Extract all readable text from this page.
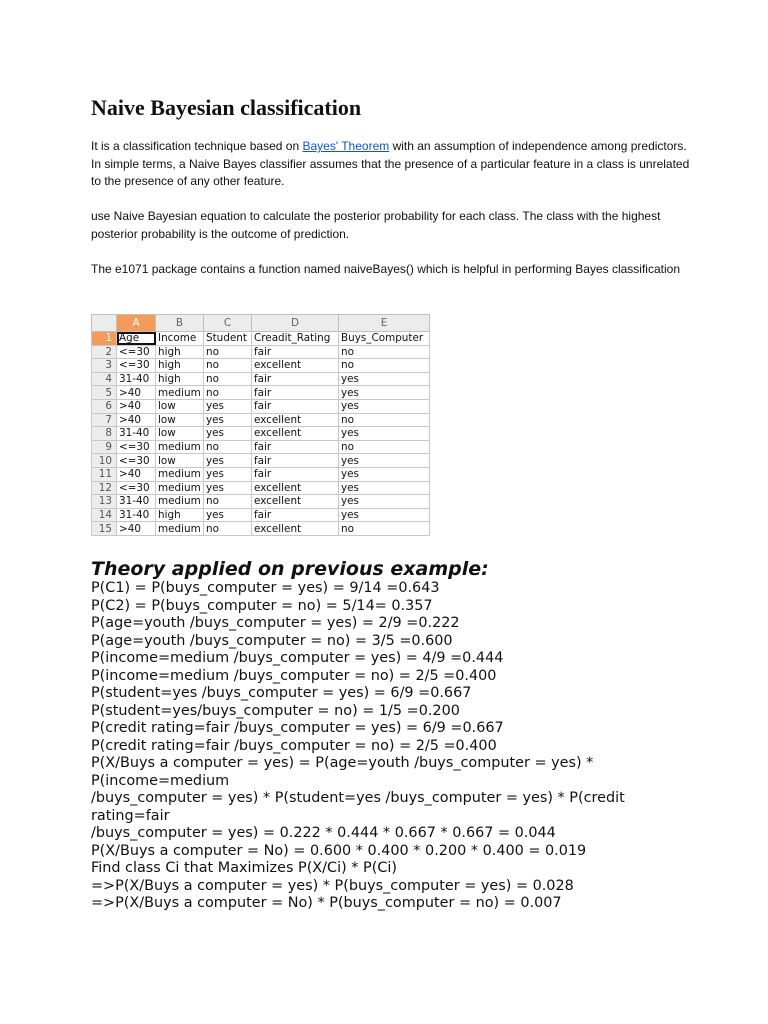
Naive Bayesian classification

It is a classification technique based on Bayes' Theorem with an assumption of independence among predictors. In simple terms, a Naive Bayes classifier assumes that the presence of a particular feature in a class is unrelated to the presence of any other feature.

use Naive Bayesian equation to calculate the posterior probability for each class. The class with the highest posterior probability is the outcome of prediction.

The e1071 package contains a function named naiveBayes() which is helpful in performing Bayes classification

	A	B	C	D	E
1	Age	Income	Student	Creadit_Rating	Buys_Computer
2	<=30	high	no	fair	no
3	<=30	high	no	excellent	no
4	31-40	high	no	fair	yes
5	>40	medium	no	fair	yes
6	>40	low	yes	fair	yes
7	>40	low	yes	excellent	no
8	31-40	low	yes	excellent	yes
9	<=30	medium	no	fair	no
10	<=30	low	yes	fair	yes
11	>40	medium	yes	fair	yes
12	<=30	medium	yes	excellent	yes
13	31-40	medium	no	excellent	yes
14	31-40	high	yes	fair	yes
15	>40	medium	no	excellent	no
Theory applied on previous example:
P(C1) = P(buys_computer = yes) = 9/14 =0.643
P(C2) = P(buys_computer = no) = 5/14= 0.357
P(age=youth /buys_computer = yes) = 2/9 =0.222
P(age=youth /buys_computer = no) = 3/5 =0.600
P(income=medium /buys_computer = yes) = 4/9 =0.444
P(income=medium /buys_computer = no) = 2/5 =0.400
P(student=yes /buys_computer = yes) = 6/9 =0.667
P(student=yes/buys_computer = no) = 1/5 =0.200
P(credit rating=fair /buys_computer = yes) = 6/9 =0.667
P(credit rating=fair /buys_computer = no) = 2/5 =0.400
P(X/Buys a computer = yes) = P(age=youth /buys_computer = yes) *
P(income=medium
/buys_computer = yes) * P(student=yes /buys_computer = yes) * P(credit
rating=fair
/buys_computer = yes) = 0.222 * 0.444 * 0.667 * 0.667 = 0.044
P(X/Buys a computer = No) = 0.600 * 0.400 * 0.200 * 0.400 = 0.019
Find class Ci that Maximizes P(X/Ci) * P(Ci)
=>P(X/Buys a computer = yes) * P(buys_computer = yes) = 0.028
=>P(X/Buys a computer = No) * P(buys_computer = no) = 0.007
